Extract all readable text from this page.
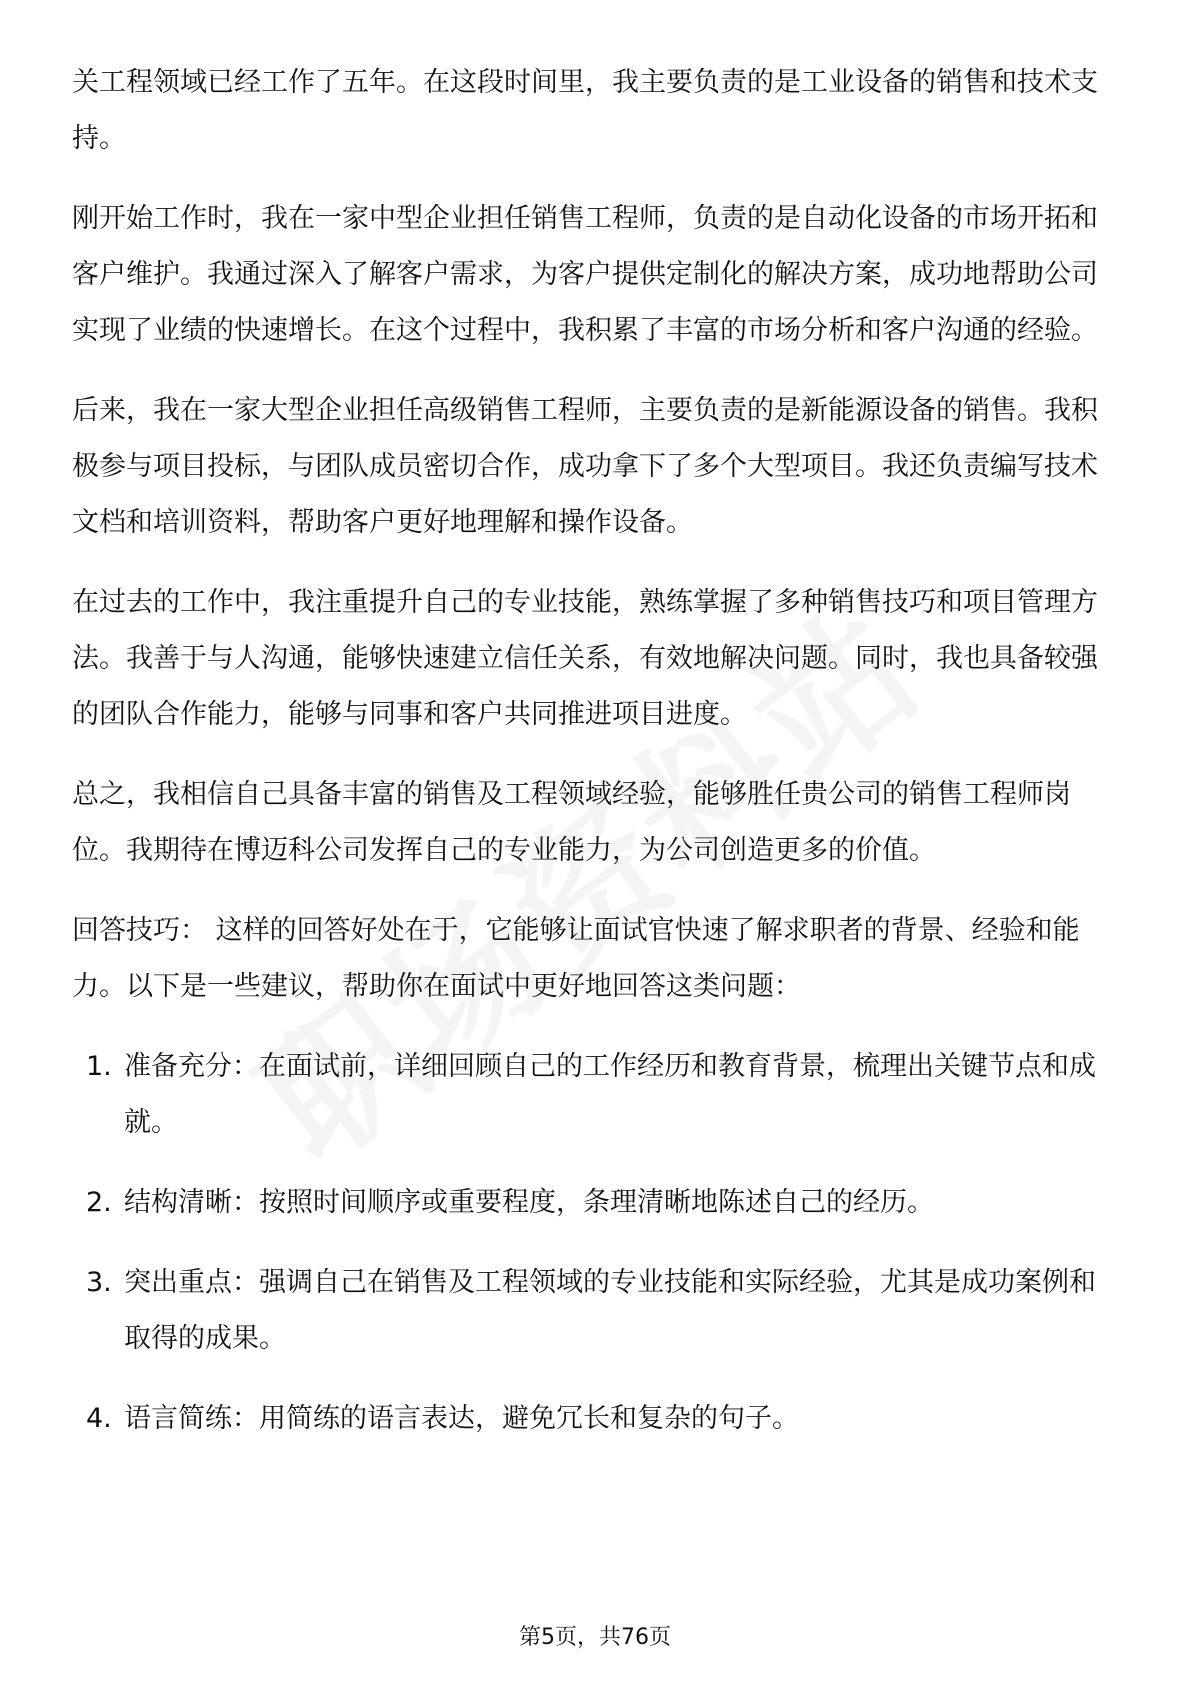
关工程领域已经工作了五年。在这段时间里，我主要负责的是工业设备的销售和技术支持。

刚开始工作时，我在一家中型企业担任销售工程师，负责的是自动化设备的市场开拓和客户维护。我通过深入了解客户需求，为客户提供定制化的解决方案，成功地帮助公司实现了业绩的快速增长。在这个过程中，我积累了丰富的市场分析和客户沟通的经验。

后来，我在一家大型企业担任高级销售工程师，主要负责的是新能源设备的销售。我积极参与项目投标，与团队成员密切合作，成功拿下了多个大型项目。我还负责编写技术文档和培训资料，帮助客户更好地理解和操作设备。

在过去的工作中，我注重提升自己的专业技能，熟练掌握了多种销售技巧和项目管理方法。我善于与人沟通，能够快速建立信任关系，有效地解决问题。同时，我也具备较强的团队合作能力，能够与同事和客户共同推进项目进度。

总之，我相信自己具备丰富的销售及工程领域经验，能够胜任贵公司的销售工程师岗位。我期待在博迈科公司发挥自己的专业能力，为公司创造更多的价值。

回答技巧： 这样的回答好处在于，它能够让面试官快速了解求职者的背景、经验和能力。以下是一些建议，帮助你在面试中更好地回答这类问题：

1. 准备充分：在面试前，详细回顾自己的工作经历和教育背景，梳理出关键节点和成就。
2. 结构清晰：按照时间顺序或重要程度，条理清晰地陈述自己的经历。
3. 突出重点：强调自己在销售及工程领域的专业技能和实际经验，尤其是成功案例和取得的成果。
4. 语言简练：用简练的语言表达，避免冗长和复杂的句子。
第5页，共76页
